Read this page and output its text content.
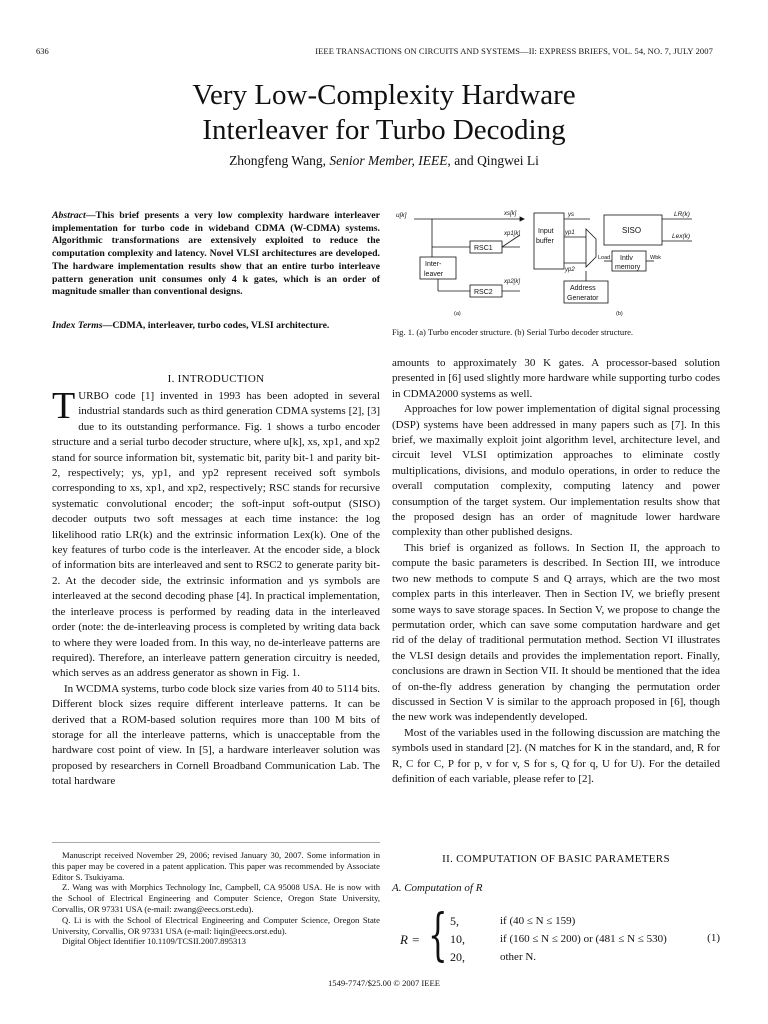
636	IEEE TRANSACTIONS ON CIRCUITS AND SYSTEMS—II: EXPRESS BRIEFS, VOL. 54, NO. 7, JULY 2007
Very Low-Complexity Hardware
Interleaver for Turbo Decoding
Zhongfeng Wang, Senior Member, IEEE, and Qingwei Li
Abstract—This brief presents a very low complexity hardware interleaver implementation for turbo code in wideband CDMA (W-CDMA) systems. Algorithmic transformations are extensively exploited to reduce the computation complexity and latency. Novel VLSI architectures are developed. The hardware implementation results show that an entire turbo interleave pattern generation unit consumes only 4 k gates, which is an order of magnitude smaller than conventional designs.
Index Terms—CDMA, interleaver, turbo codes, VLSI architecture.
I. INTRODUCTION

TURBO code [1] invented in 1993 has been adopted in several industrial standards such as third generation CDMA systems [2], [3] due to its outstanding performance. Fig. 1 shows a turbo encoder structure and a serial turbo decoder structure, where u[k], xs, xp1, and xp2 stand for source information bit, systematic bit, parity bit-1 and parity bit-2, respectively; ys, yp1, and yp2 represent received soft symbols corresponding to xs, xp1, and xp2, respectively; RSC stands for recursive systematic convolutional encoder; the soft-input soft-output (SISO) decoder outputs two soft messages at each time instance: the log likelihood ratio LR(k) and the extrinsic information Lex(k). One of the key features of turbo code is the interleaver. At the encoder side, a block of information bits are interleaved and sent to RSC2 to generate parity bit-2. At the decoder side, the extrinsic information and ys symbols are interleaved at the second decoding phase [4]. In practical implementation, the interleave process is performed by reading data in the interleaved order (note: the de-interleaving process is completed by writing data back to where they were loaded from. In this way, no de-interleave patterns are required). Therefore, an interleave pattern generation circuitry is needed, which serves as an address generator as shown in Fig. 1.

In WCDMA systems, turbo code block size varies from 40 to 5114 bits. Different block sizes require different interleave patterns. It can be derived that a ROM-based solution requires more than 100 M bits of storage for all the interleave patterns, which is unacceptable from the hardware cost point of view. In [5], a hardware interleaver solution was proposed by researchers in Cornell Broadband Communication Lab. The total hardware

Manuscript received November 29, 2006; revised January 30, 2007. Some information in this paper may be covered in a patent application. This paper was recommended by Associate Editor S. Tsukiyama.

Z. Wang was with Morphics Technology Inc, Campbell, CA 95008 USA. He is now with the School of Electrical Engineering and Computer Science, Oregon State University, Corvallis, OR 97331 USA (e-mail: zwang@eecs.orst.edu).

Q. Li is with the School of Electrical Engineering and Computer Science, Oregon State University, Corvallis, OR 97331 USA (e-mail: liqin@eecs.orst.edu).

Digital Object Identifier 10.1109/TCSII.2007.895313

u[k]	xs[k]
xp1[k]
xp2[k]
RSC1
RSC2
Inter-
leaver
Input
buffer
ys
yp1
yp2
SISO
LR(k)
Lex(k)
Load	Wbk
Intlv
memory
Address
Generator
(a)	(b)
Fig. 1. (a) Turbo encoder structure. (b) Serial Turbo decoder structure.

amounts to approximately 30 K gates. A processor-based solution presented in [6] used slightly more hardware while supporting turbo codes in CDMA2000 systems as well.

Approaches for low power implementation of digital signal processing (DSP) systems have been addressed in many papers such as [7]. In this brief, we maximally exploit joint algorithm level, architecture level, and circuit level VLSI optimization approaches to eliminate costly multiplications, divisions, and modulo operations, in order to reduce the overall computation complexity, computing latency and power consumption of the target system. Our implementation results show that the proposed design has an order of magnitude lower hardware complexity than other published designs.

This brief is organized as follows. In Section II, the approach to compute the basic parameters is described. In Section III, we introduce two new methods to compute S and Q arrays, which are the two most complex parts in this interleaver. Then in Section IV, we briefly present some ways to save storage spaces. In Section V, we propose to change the permutation order, which can save some computation hardware and get rid of the delay of traditional permutation method. Section VI illustrates the VLSI design details and provides the implementation report. Finally, conclusions are drawn in Section VII. It should be mentioned that the idea of on-the-fly address generation by changing the permutation order discussed in Section V is similar to the approach proposed in [6], though the new work was independently developed.

Most of the variables used in the following discussion are matching the symbols used in standard [2]. (N matches for K in the standard, and, R for R, C for C, P for p, v for v, S for s, Q for q, U for U). For the detailed definition of each variable, please refer to [2].

II. COMPUTATION OF BASIC PARAMETERS
A. Computation of R
R = { 5,	if (40 ≤ N ≤ 159)
10,	if (160 ≤ N ≤ 200) or (481 ≤ N ≤ 530)
20,	other N.
(1)
1549-7747/$25.00 © 2007 IEEE
